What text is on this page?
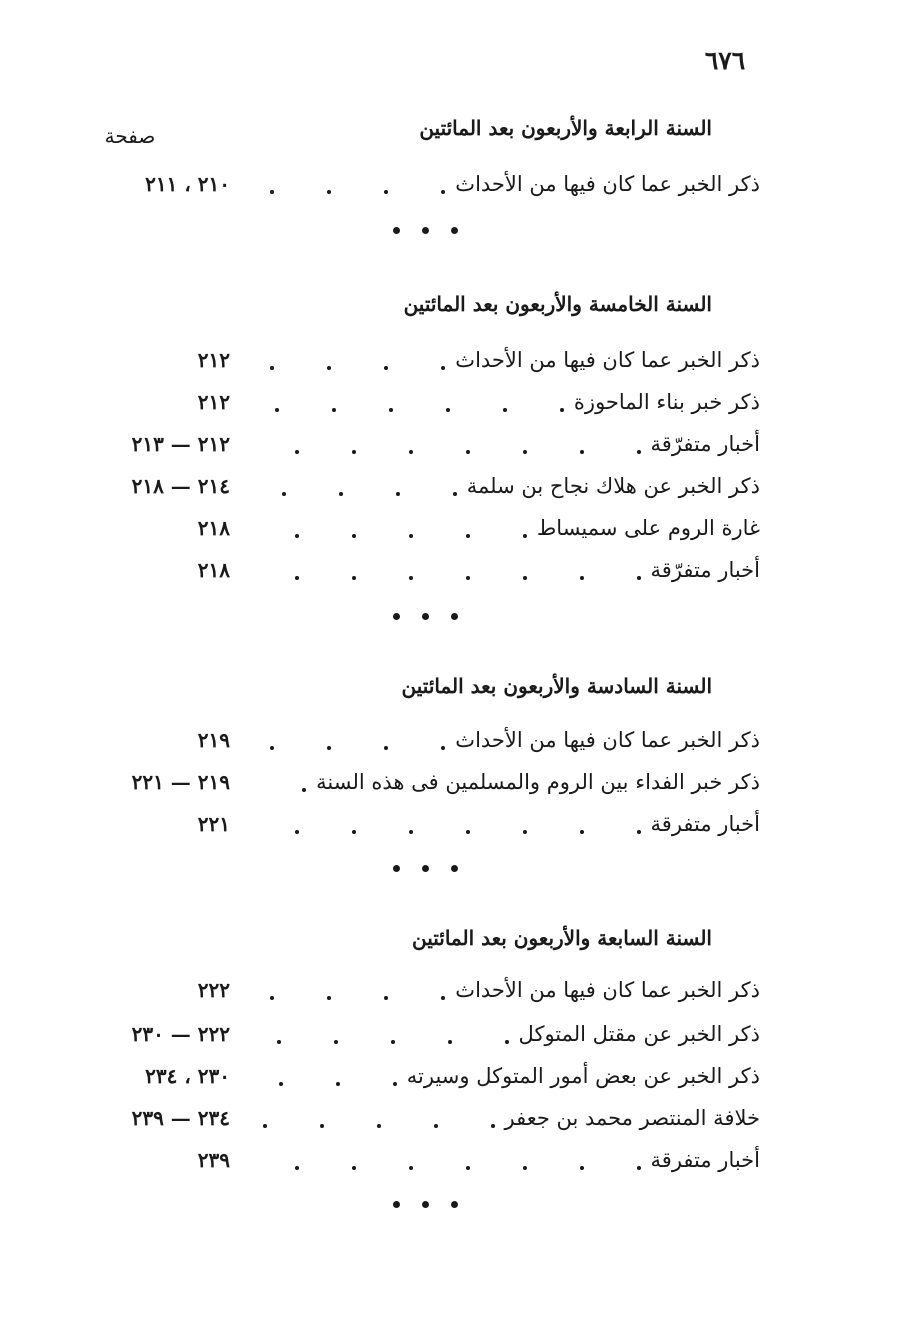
٦٧٦
صفحة	السنة الرابعة والأربعون بعد المائتين
ذكر الخبر عما كان فيها من الأحداث
٢١٠ ، ٢١١
السنة الخامسة والأربعون بعد المائتين
ذكر الخبر عما كان فيها من الأحداث
٢١٢
ذكر خبر بناء الماحوزة
٢١٢
أخبار متفرّقة
٢١٢ — ٢١٣
ذكر الخبر عن هلاك نجاح بن سلمة
٢١٤ — ٢١٨
غارة الروم على سميساط
٢١٨
أخبار متفرّقة
٢١٨
السنة السادسة والأربعون بعد المائتين
ذكر الخبر عما كان فيها من الأحداث
٢١٩
ذكر خبر الفداء بين الروم والمسلمين فى هذه السنة
٢١٩ — ٢٢١
أخبار متفرقة
٢٢١
السنة السابعة والأربعون بعد المائتين
ذكر الخبر عما كان فيها من الأحداث
٢٢٢
ذكر الخبر عن مقتل المتوكل
٢٢٢ — ٢٣٠
ذكر الخبر عن بعض أمور المتوكل وسيرته
٢٣٠ ، ٢٣٤
خلافة المنتصر محمد بن جعفر
٢٣٤ — ٢٣٩
أخبار متفرقة
٢٣٩
